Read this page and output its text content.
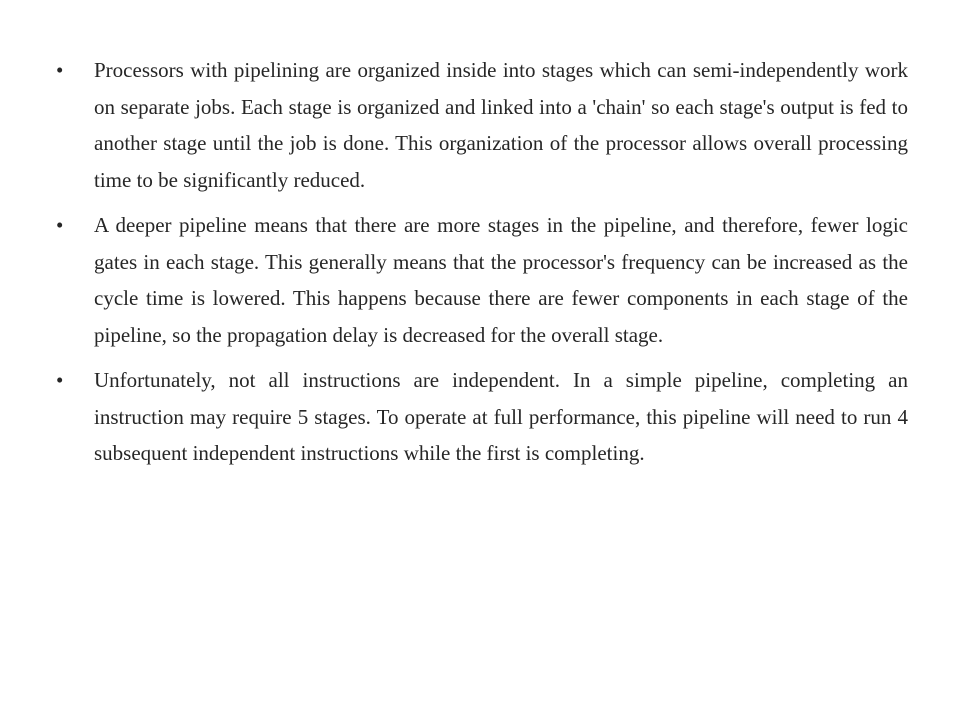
•	Processors with pipelining are organized inside into stages which can semi-independently work on separate jobs. Each stage is organized and linked into a 'chain' so each stage's output is fed to another stage until the job is done. This organization of the processor allows overall processing time to be significantly reduced.
•	A deeper pipeline means that there are more stages in the pipeline, and therefore, fewer logic gates in each stage. This generally means that the processor's frequency can be increased as the cycle time is lowered. This happens because there are fewer components in each stage of the pipeline, so the propagation delay is decreased for the overall stage.
•	Unfortunately, not all instructions are independent. In a simple pipeline, completing an instruction may require 5 stages. To operate at full performance, this pipeline will need to run 4 subsequent independent instructions while the first is completing.
